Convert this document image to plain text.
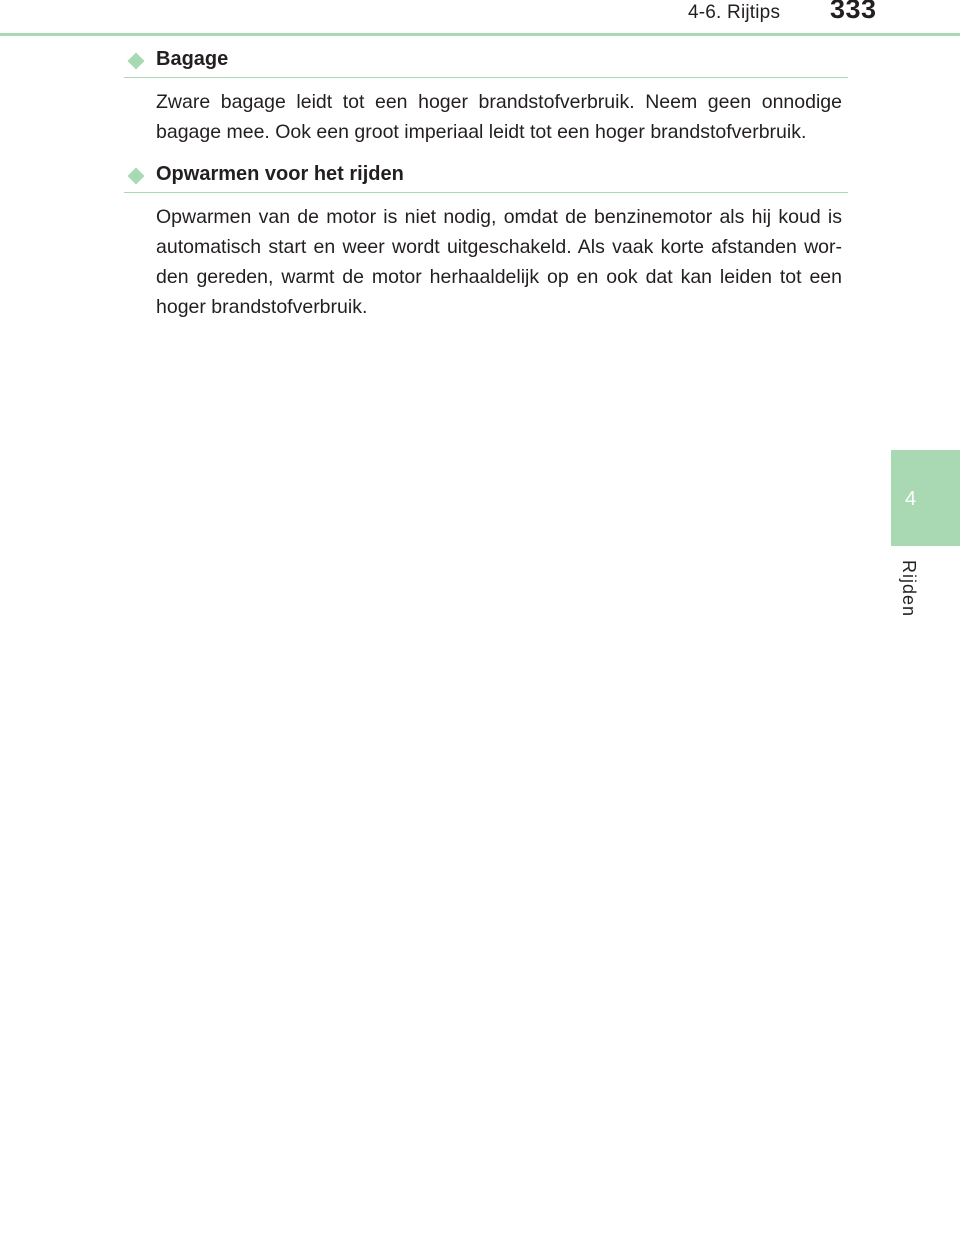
4-6. Rijtips 333
4
Rijden
Bagage
Zware bagage leidt tot een hoger brandstofverbruik. Neem geen onnodige bagage mee. Ook een groot imperiaal leidt tot een hoger brandstofverbruik.
Opwarmen voor het rijden
Opwarmen van de motor is niet nodig, omdat de benzinemotor als hij koud is automatisch start en weer wordt uitgeschakeld. Als vaak korte afstanden worden gereden, warmt de motor herhaaldelijk op en ook dat kan leiden tot een hoger brandstofverbruik.
